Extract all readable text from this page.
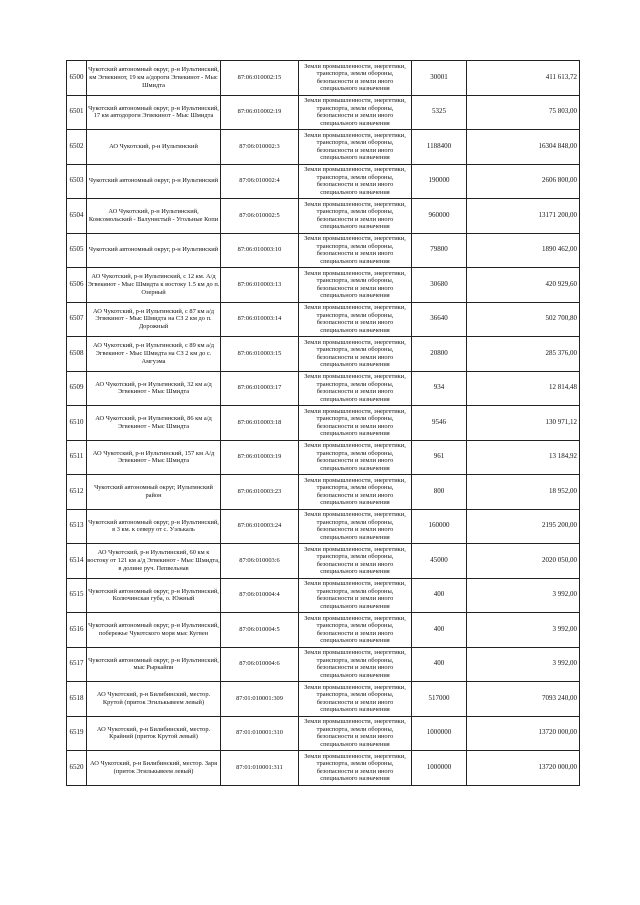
6500	Чукотский автономный округ, р-н Иультинский, км Эгвекинот, 19 км а/дороги Эгвекинот - Мыс Шмидта	87:06:010002:15	Земли промышленности, энергетики, транспорта, земли обороны, безопасности и земли иного специального назначения	30001	411 613,72
6501	Чукотский автономный округ, р-н Иультинский, 17 км автодороги Эгвекинот - Мыс Шмидта	87:06:010002:19	Земли промышленности, энергетики, транспорта, земли обороны, безопасности и земли иного специального назначения	5325	75 803,00
6502	АО Чукотский, р-н Иультинский	87:06:010002:3	Земли промышленности, энергетики, транспорта, земли обороны, безопасности и земли иного специального назначения	1188400	16304 848,00
6503	Чукотский автономный округ, р-н Иультинский	87:06:010002:4	Земли промышленности, энергетики, транспорта, земли обороны, безопасности и земли иного специального назначения	190000	2606 800,00
6504	АО Чукотский, р-н Иультинский, Комсомольский - Валунистый - Угольные Копи	87:06:010002:5	Земли промышленности, энергетики, транспорта, земли обороны, безопасности и земли иного специального назначения	960000	13171 200,00
6505	Чукотский автономный округ, р-н Иультинский	87:06:010003:10	Земли промышленности, энергетики, транспорта, земли обороны, безопасности и земли иного специального назначения	79800	1890 462,00
6506	АО Чукотский, р-н Иультинский, с 12 км. А/д Эгвекинот - Мыс Шмидта к востоку 1.5 км до п. Озерный	87:06:010003:13	Земли промышленности, энергетики, транспорта, земли обороны, безопасности и земли иного специального назначения	30680	420 929,60
6507	АО Чукотский, р-н Иультинский, с 87 км а/д Эгвекинот - Мыс Шмидта на СЗ 2 км до п. Дорожный	87:06:010003:14	Земли промышленности, энергетики, транспорта, земли обороны, безопасности и земли иного специального назначения	36640	502 700,80
6508	АО Чукотский, р-н Иультинский, с 89 км а/д Эгвекинот - Мыс Шмидта на СЗ 2 км до с. Амгуэма	87:06:010003:15	Земли промышленности, энергетики, транспорта, земли обороны, безопасности и земли иного специального назначения	20800	285 376,00
6509	АО Чукотский, р-н Иультинский, 32 км а/д Эгвекинот - Мыс Шмидта	87:06:010003:17	Земли промышленности, энергетики, транспорта, земли обороны, безопасности и земли иного специального назначения	934	12 814,48
6510	АО Чукотский, р-н Иультинский, 86 км а/д Эгвекинот - Мыс Шмидта	87:06:010003:18	Земли промышленности, энергетики, транспорта, земли обороны, безопасности и земли иного специального назначения	9546	130 971,12
6511	АО Чукотский, р-н Иультинский, 157 км А/д Эгвекинот - Мыс Шмидта	87:06:010003:19	Земли промышленности, энергетики, транспорта, земли обороны, безопасности и земли иного специального назначения	961	13 184,92
6512	Чукотский автономный округ, Иультинский район	87:06:010003:23	Земли промышленности, энергетики, транспорта, земли обороны, безопасности и земли иного специального назначения	800	18 952,00
6513	Чукотский автономный округ, р-н Иультинский, в 3 км. к северу от с. Уэлькаль	87:06:010003:24	Земли промышленности, энергетики, транспорта, земли обороны, безопасности и земли иного специального назначения	160000	2195 200,00
6514	АО Чукотский, р-н Иультинский, 60 км к востоку от 121 км а/д Эгвекинот - Мыс Шмидта, в долине руч. Пепвельнав	87:06:010003:6	Земли промышленности, энергетики, транспорта, земли обороны, безопасности и земли иного специального назначения	45000	2020 050,00
6515	Чукотский автономный округ, р-н Иультинский, Колючинская губа, о. Южный	87:06:010004:4	Земли промышленности, энергетики, транспорта, земли обороны, безопасности и земли иного специального назначения	400	3 992,00
6516	Чукотский автономный округ, р-н Иультинский, побережье Чукотского моря мыс Кугвен	87:06:010004:5	Земли промышленности, энергетики, транспорта, земли обороны, безопасности и земли иного специального назначения	400	3 992,00
6517	Чукотский автономный округ, р-н Иультинский, мыс Рыркайпи	87:06:010004:6	Земли промышленности, энергетики, транспорта, земли обороны, безопасности и земли иного специального назначения	400	3 992,00
6518	АО Чукотский, р-н Билибинский, местор. Крутой (приток Эгилькывеем левый)	87:01:010001:309	Земли промышленности, энергетики, транспорта, земли обороны, безопасности и земли иного специального назначения	517000	7093 240,00
6519	АО Чукотский, р-н Билибинский, местор. Крайний (приток Крутой левый)	87:01:010001:310	Земли промышленности, энергетики, транспорта, земли обороны, безопасности и земли иного специального назначения	1000000	13720 000,00
6520	АО Чукотский, р-н Билибинский, местор. Заря (приток Эгилькывеем левый)	87:01:010001:311	Земли промышленности, энергетики, транспорта, земли обороны, безопасности и земли иного специального назначения	1000000	13720 000,00
